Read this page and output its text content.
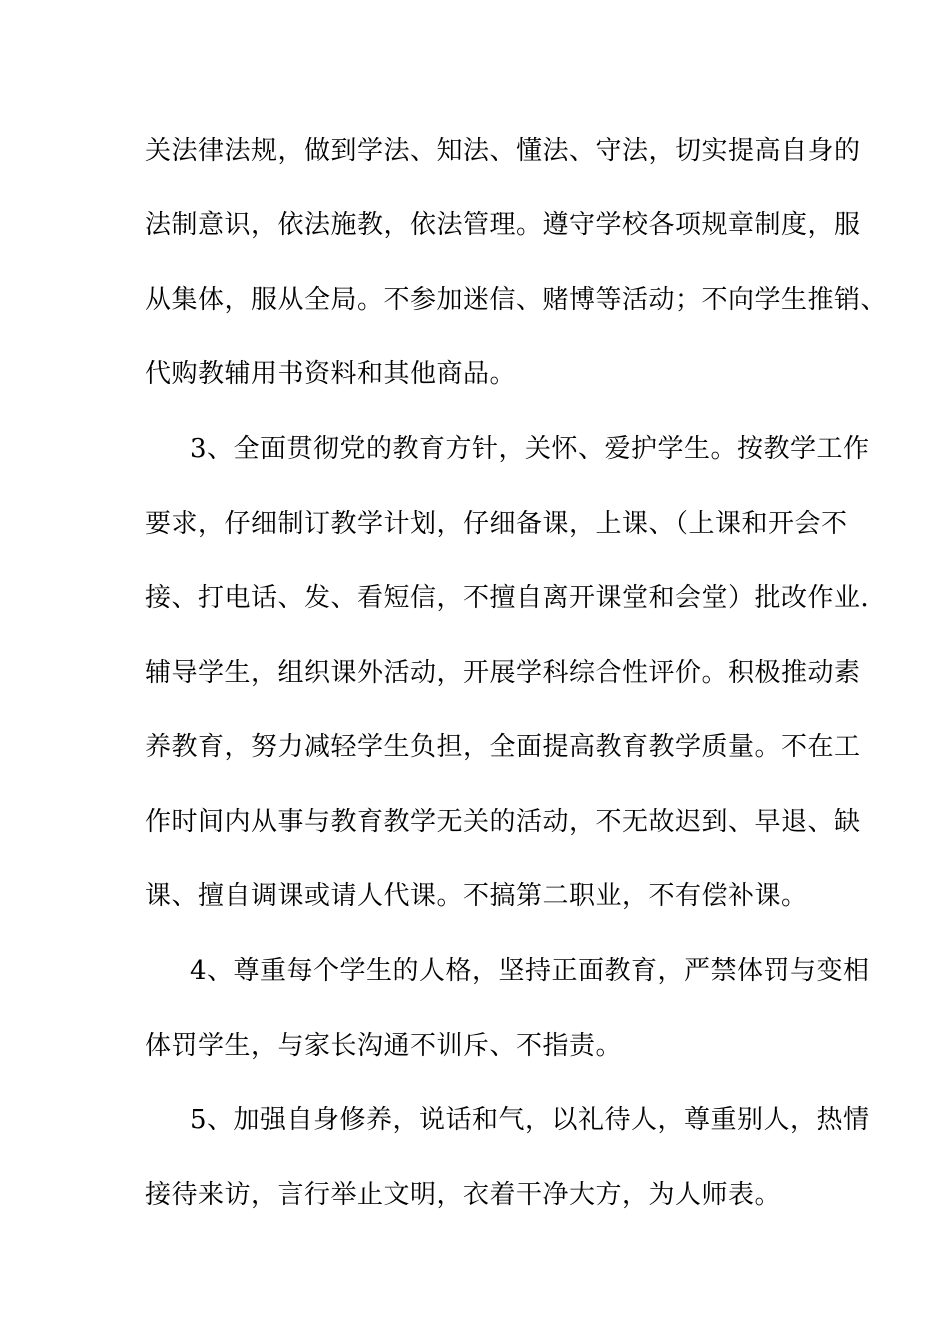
关法律法规，做到学法、知法、懂法、守法，切实提高自身的
法制意识，依法施教，依法管理。遵守学校各项规章制度，服
从集体，服从全局。不参加迷信、赌博等活动；不向学生推销、
代购教辅用书资料和其他商品。
3、全面贯彻党的教育方针，关怀、爱护学生。按教学工作
要求，仔细制订教学计划，仔细备课，上课、（上课和开会不
接、打电话、发、看短信，不擅自离开课堂和会堂）批改作业．
辅导学生，组织课外活动，开展学科综合性评价。积极推动素
养教育，努力减轻学生负担，全面提高教育教学质量。不在工
作时间内从事与教育教学无关的活动，不无故迟到、早退、缺
课、擅自调课或请人代课。不搞第二职业，不有偿补课。
4、尊重每个学生的人格，坚持正面教育，严禁体罚与变相
体罚学生，与家长沟通不训斥、不指责。
5、加强自身修养，说话和气，以礼待人，尊重别人，热情
接待来访，言行举止文明，衣着干净大方，为人师表。
